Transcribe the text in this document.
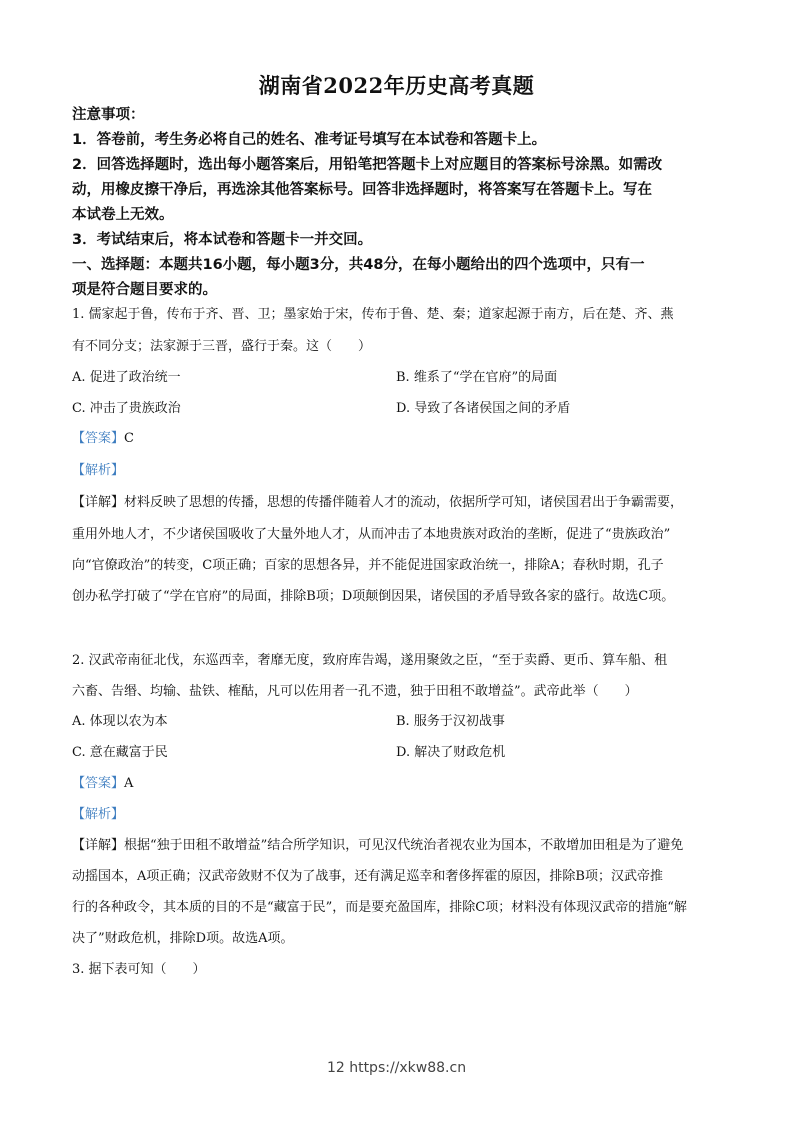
湖南省2022年历史高考真题
注意事项：
1．答卷前，考生务必将自己的姓名、准考证号填写在本试卷和答题卡上。
2．回答选择题时，选出每小题答案后，用铅笔把答题卡上对应题目的答案标号涂黑。如需改
动，用橡皮擦干净后，再选涂其他答案标号。回答非选择题时，将答案写在答题卡上。写在
本试卷上无效。
3．考试结束后，将本试卷和答题卡一并交回。
一、选择题：本题共16小题，每小题3分，共48分，在每小题给出的四个选项中，只有一
项是符合题目要求的。
1. 儒家起于鲁，传布于齐、晋、卫；墨家始于宋，传布于鲁、楚、秦；道家起源于南方，后在楚、齐、燕
有不同分支；法家源于三晋，盛行于秦。这（　　）
A. 促进了政治统一	B. 维系了“学在官府”的局面
C. 冲击了贵族政治	D. 导致了各诸侯国之间的矛盾
【答案】C
【解析】
【详解】材料反映了思想的传播，思想的传播伴随着人才的流动，依据所学可知，诸侯国君出于争霸需要，
重用外地人才，不少诸侯国吸收了大量外地人才，从而冲击了本地贵族对政治的垄断，促进了“贵族政治”
向“官僚政治”的转变，C项正确；百家的思想各异，并不能促进国家政治统一，排除A；春秋时期，孔子
创办私学打破了“学在官府”的局面，排除B项；D项颠倒因果，诸侯国的矛盾导致各家的盛行。故选C项。
2. 汉武帝南征北伐，东巡西幸，奢靡无度，致府库告竭，遂用聚敛之臣，“至于卖爵、更币、算车船、租
六畜、告缗、均输、盐铁、榷酤，凡可以佐用者一孔不遗，独于田租不敢增益”。武帝此举（　　）
A. 体现以农为本	B. 服务于汉初战事
C. 意在藏富于民	D. 解决了财政危机
【答案】A
【解析】
【详解】根据“独于田租不敢增益”结合所学知识，可见汉代统治者视农业为国本，不敢增加田租是为了避免
动摇国本，A项正确；汉武帝敛财不仅为了战事，还有满足巡幸和奢侈挥霍的原因，排除B项；汉武帝推
行的各种政令，其本质的目的不是“藏富于民”，而是要充盈国库，排除C项；材料没有体现汉武帝的措施“解
决了”财政危机，排除D项。故选A项。
3. 据下表可知（　　）
12 https://xkw88.cn
